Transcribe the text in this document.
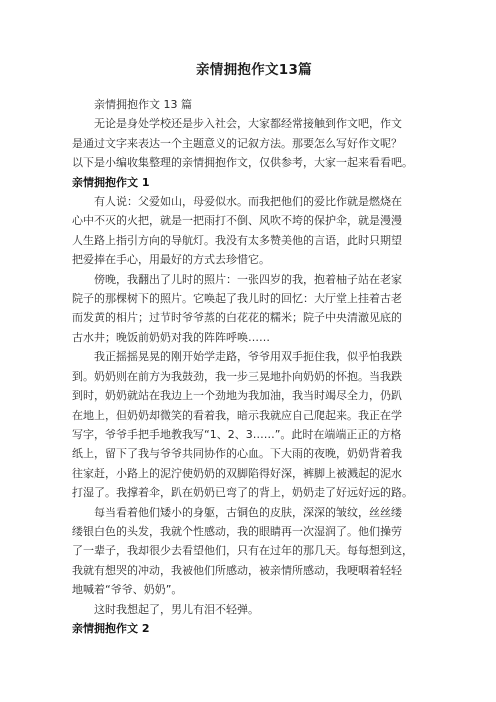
亲情拥抱作文13篇
亲情拥抱作文 13 篇
无论是身处学校还是步入社会，大家都经常接触到作文吧，作文
是通过文字来表达一个主题意义的记叙方法。那要怎么写好作文呢？
以下是小编收集整理的亲情拥抱作文，仅供参考，大家一起来看看吧。
亲情拥抱作文 1
有人说：父爱如山，母爱似水。而我把他们的爱比作就是燃烧在
心中不灭的火把，就是一把雨打不倒、风吹不垮的保护伞，就是漫漫
人生路上指引方向的导航灯。我没有太多赞美他的言语，此时只期望
把爱捧在手心，用最好的方式去珍惜它。
傍晚，我翻出了儿时的照片：一张四岁的我，抱着柚子站在老家
院子的那棵树下的照片。它唤起了我儿时的回忆：大厅堂上挂着古老
而发黄的相片；过节时爷爷蒸的白花花的糯米；院子中央清澈见底的
古水井；晚饭前奶奶对我的阵阵呼唤……
我正摇摇晃晃的刚开始学走路，爷爷用双手扼住我，似乎怕我跌
到。奶奶则在前方为我鼓劲，我一步三晃地扑向奶奶的怀抱。当我跌
到时，奶奶就站在我边上一个劲地为我加油，我当时竭尽全力，仍趴
在地上，但奶奶却微笑的看着我，暗示我就应自己爬起来。我正在学
写字，爷爷手把手地教我写“1、2、3……”。此时在端端正正的方格
纸上，留下了我与爷爷共同协作的心血。下大雨的夜晚，奶奶背着我
往家赶，小路上的泥泞使奶奶的双脚陷得好深，裤脚上被溅起的泥水
打湿了。我撑着伞，趴在奶奶已弯了的背上，奶奶走了好远好远的路。
每当看着他们矮小的身躯，古铜色的皮肤，深深的皱纹，丝丝缕
缕银白色的头发，我就个性感动，我的眼睛再一次湿润了。他们操劳
了一辈子，我却很少去看望他们，只有在过年的那几天。每每想到这，
我就有想哭的冲动，我被他们所感动，被亲情所感动，我哽咽着轻轻
地喊着“爷爷、奶奶”。
这时我想起了，男儿有泪不轻弹。
亲情拥抱作文 2
